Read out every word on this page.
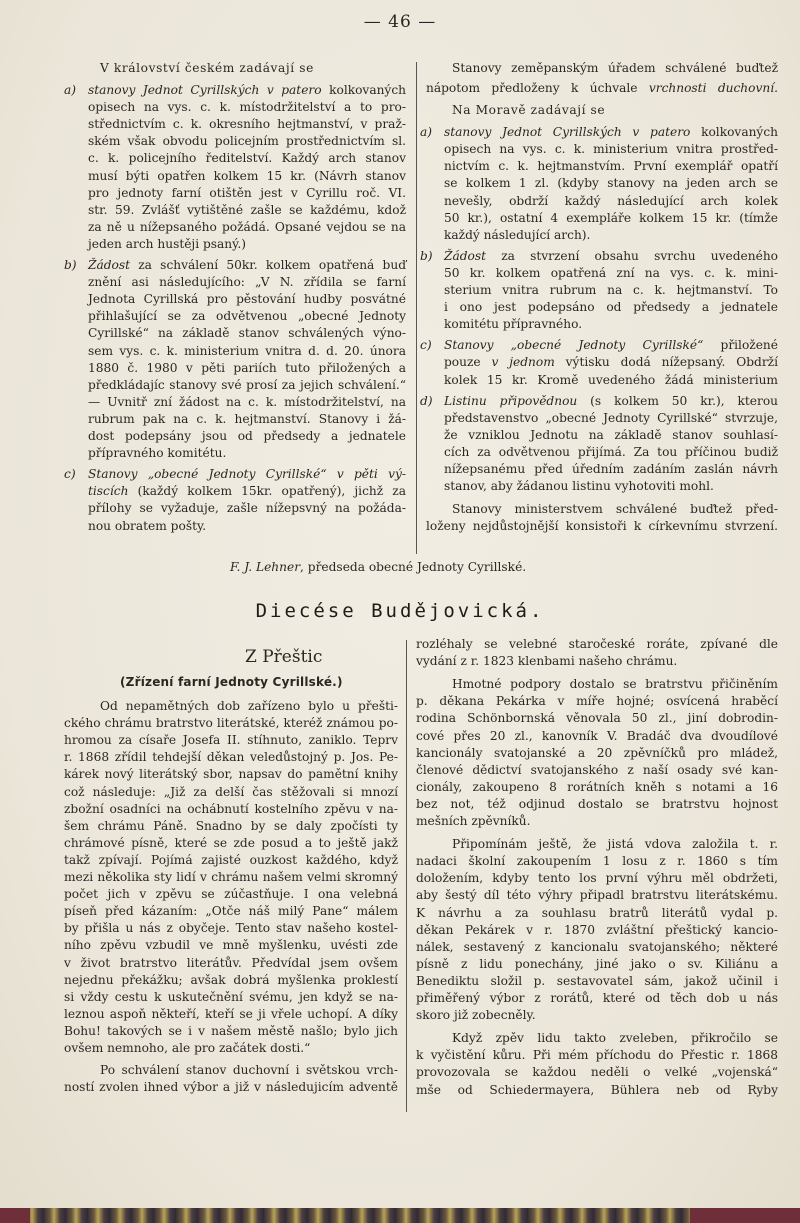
— 46 —
V království českém zadávají se
a) stanovy Jednot Cyrillských v patero kolkovaných
opisech na vys. c. k. místodržitelství a to pro-
střednictvím c. k. okresního hejtmanství, v praž-
ském však obvodu policejním prostřednictvím sl.
c. k. policejního ředitelství. Každý arch stanov
musí býti opatřen kolkem 15 kr. (Návrh stanov
pro jednoty farní otištěn jest v Cyrillu roč. VI.
str. 59. Zvlášť vytištěné zašle se každému, kdož
za ně u nížepsaného požádá. Opsané vejdou se na
jeden arch hustěji psaný.)
b) Žádost za schválení 50kr. kolkem opatřená buď
znění asi následujícího: „V N. zřídila se farní
Jednota Cyrillská pro pěstování hudby posvátné
přihlašující se za odvětvenou „obecné Jednoty
Cyrillské“ na základě stanov schválených výno-
sem vys. c. k. ministerium vnitra d. d. 20. února
1880 č. 1980 v pěti pariích tuto přiložených a
předkládajíc stanovy své prosí za jejich schválení.“
— Uvnitř zní žádost na c. k. místodržitelství, na
rubrum pak na c. k. hejtmanství. Stanovy i žá-
dost podepsány jsou od předsedy a jednatele
přípravného komitétu.
c) Stanovy „obecné Jednoty Cyrillské“ v pěti vý-
tiscích (každý kolkem 15kr. opatřený), jichž za
přílohy se vyžaduje, zašle nížepsvný na požáda-
nou obratem pošty.
Stanovy zeměpanským úřadem schválené buďtež
nápotom předloženy k úchvale vrchnosti duchovní.
Na Moravě zadávají se
a) stanovy Jednot Cyrillských v patero kolkovaných
opisech na vys. c. k. ministerium vnitra prostřed-
nictvím c. k. hejtmanstvím. První exemplář opatří
se kolkem 1 zl. (kdyby stanovy na jeden arch se
nevešly, obdrží každý následující arch kolek
50 kr.), ostatní 4 exempláře kolkem 15 kr. (tímže
každý následující arch).
b) Žádost za stvrzení obsahu svrchu uvedeného
50 kr. kolkem opatřená zní na vys. c. k. mini-
sterium vnitra rubrum na c. k. hejtmanství. To
i ono jest podepsáno od předsedy a jednatele
komitétu přípravného.
c) Stanovy „obecné Jednoty Cyrillské“ přiložené
pouze v jednom výtisku dodá nížepsaný. Obdrží
kolek 15 kr. Kromě uvedeného žádá ministerium
d) Listinu připovědnou (s kolkem 50 kr.), kterou
představenstvo „obecné Jednoty Cyrillské“ stvrzuje,
že vzniklou Jednotu na základě stanov souhlasí-
cích za odvětvenou přijímá. Za tou příčinou budiž
nížepsanému před úředním zadáním zaslán návrh
stanov, aby žádanou listinu vyhotoviti mohl.
Stanovy ministerstvem schválené buďtež před-
loženy nejdůstojnější konsistoři k církevnímu stvrzení.
F. J. Lehner, předseda obecné Jednoty Cyrillské.
Diecése Budějovická.
Z Přeštic
(Zřízení farní Jednoty Cyrillské.)
Od nepamětných dob zařízeno bylo u přešti-
ckého chrámu bratrstvo literátské, kteréž známou po-
hromou za císaře Josefa II. stíhnuto, zaniklo. Teprv
r. 1868 zřídil tehdejší děkan veledůstojný p. Jos. Pe-
kárek nový literátský sbor, napsav do pamětní knihy
což následuje: „Již za delší čas stěžovali si mnozí
zbožní osadníci na ochábnutí kostelního zpěvu v na-
šem chrámu Páně. Snadno by se daly zpočísti ty
chrámové písně, které se zde posud a to ještě jakž
takž zpívají. Pojímá zajisté ouzkost každého, když
mezi několika sty lidí v chrámu našem velmi skromný
počet jich v zpěvu se zúčastňuje. I ona velebná
píseň před kázaním: „Otče náš milý Pane“ málem
by přišla u nás z obyčeje. Tento stav našeho kostel-
ního zpěvu vzbudil ve mně myšlenku, uvésti zde
v život bratrstvo literátův. Předvídal jsem ovšem
nejednu překážku; avšak dobrá myšlenka proklestí
si vždy cestu k uskutečnění svému, jen když se na-
leznou aspoň někteří, kteří se ji vřele uchopí. A díky
Bohu! takových se i v našem městě našlo; bylo jich
ovšem nemnoho, ale pro začátek dosti.“
Po schválení stanov duchovní i světskou vrch-
ností zvolen ihned výbor a již v následujicím adventě
rozléhaly se velebné staročeské roráte, zpívané dle
vydání z r. 1823 klenbami našeho chrámu.
Hmotné podpory dostalo se bratrstvu přičiněním
p. děkana Pekárka v míře hojné; osvícená hraběcí
rodina Schönbornská věnovala 50 zl., jiní dobrodin-
cové přes 20 zl., kanovník V. Bradáč dva dvoudílové
kancionály svatojanské a 20 zpěvníčků pro mládež,
členové dědictví svatojanského z naší osady své kan-
cionály, zakoupeno 8 rorátních kněh s notami a 16
bez not, též odjinud dostalo se bratrstvu hojnost
mešních zpěvníků.
Připomínám ještě, že jistá vdova založila t. r.
nadaci školní zakoupením 1 losu z r. 1860 s tím
doložením, kdyby tento los první výhru měl obdržeti,
aby šestý díl této výhry připadl bratrstvu literátskému.
K návrhu a za souhlasu bratrů literátů vydal p.
děkan Pekárek v r. 1870 zvláštní přeštický kancio-
nálek, sestavený z kancionalu svatojanského; některé
písně z lidu ponechány, jiné jako o sv. Kiliánu a
Benediktu složil p. sestavovatel sám, jakož učinil i
přiměřený výbor z rorátů, které od těch dob u nás
skoro již zobecněly.
Když zpěv lidu takto zveleben, přikročilo se
k vyčistění kůru. Při mém příchodu do Přestic r. 1868
provozovala se každou neděli o velké „vojenská“
mše od Schiedermayera, Bühlera neb od Ryby
